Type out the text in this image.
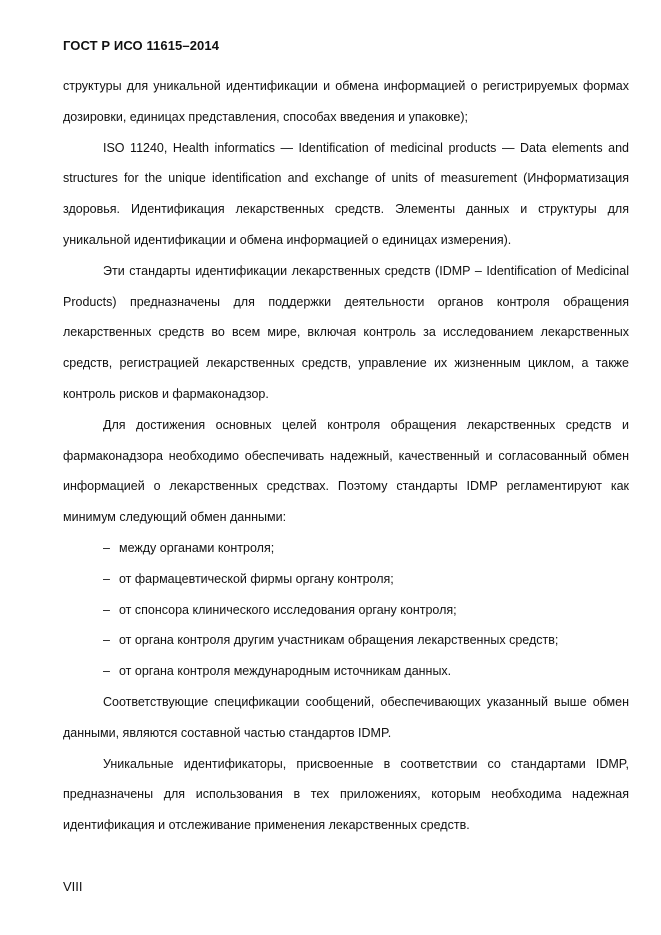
ГОСТ Р ИСО 11615–2014

структуры для уникальной идентификации и обмена информацией о регистрируемых формах дозировки, единицах представления, способах введения и упаковке);

ISO 11240, Health informatics — Identification of medicinal products — Data elements and structures for the unique identification and exchange of units of measurement (Информатизация здоровья. Идентификация лекарственных средств. Элементы данных и структуры для уникальной идентификации и обмена информацией о единицах измерения).

Эти стандарты идентификации лекарственных средств (IDMP – Identification of Medicinal Products) предназначены для поддержки деятельности органов контроля обращения лекарственных средств во всем мире, включая контроль за исследованием лекарственных средств, регистрацией лекарственных средств, управление их жизненным циклом, а также контроль рисков и фармаконадзор.

Для достижения основных целей контроля обращения лекарственных средств и фармаконадзора необходимо обеспечивать надежный, качественный и согласованный обмен информацией о лекарственных средствах. Поэтому стандарты IDMP регламентируют как минимум следующий обмен данными:

– между органами контроля;
– от фармацевтической фирмы органу контроля;
– от спонсора клинического исследования органу контроля;
– от органа контроля другим участникам обращения лекарственных средств;
– от органа контроля международным источникам данных.

Соответствующие спецификации сообщений, обеспечивающих указанный выше обмен данными, являются составной частью стандартов IDMP.

Уникальные идентификаторы, присвоенные в соответствии со стандартами IDMP, предназначены для использования в тех приложениях, которым необходима надежная идентификация и отслеживание применения лекарственных средств.

VIII
